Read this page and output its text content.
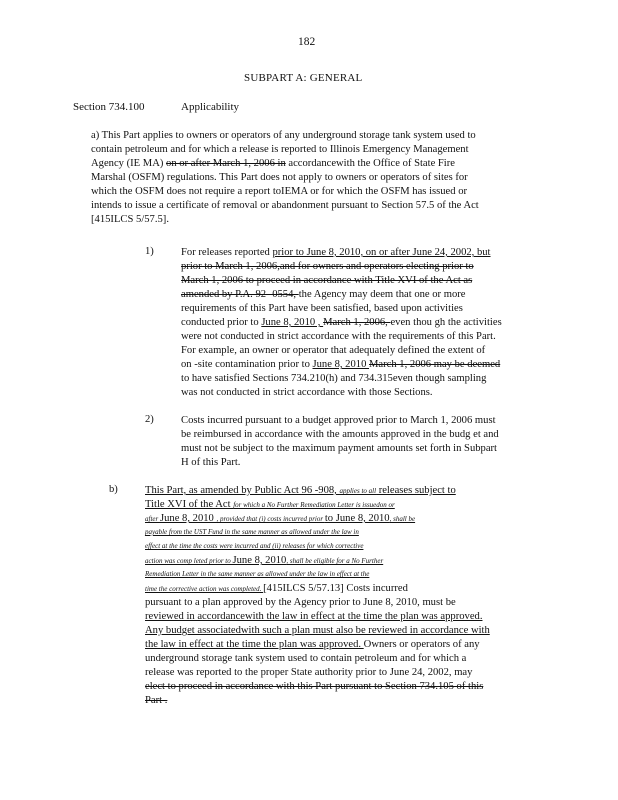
182
SUBPART A: GENERAL
Section 734.100	Applicability
a) This Part applies to owners or operators of any underground storage tank system used to
contain petroleum and for which a release is reported to Illinois Emergency Management
Agency (IE MA) on or after March 1, 2006 in accordancewith the Office of State Fire
Marshal (OSFM) regulations. This Part does not apply to owners or operators of sites for
which the OSFM does not require a report toIEMA or for which the OSFM has issued or
intends to issue a certificate of removal or abandonment pursuant to Section 57.5 of the Act
[415ILCS 5/57.5].
1)	For releases reported prior to June 8, 2010, on or after June 24, 2002, but
prior to March 1, 2006,and for owners and operators electing prior to
March 1, 2006 to proceed in accordance with Title XVI of the Act as
amended by P.A. 92 -0554, the Agency may deem that one or more
requirements of this Part have been satisfied, based upon activities
conducted prior to June 8, 2010 , March 1, 2006, even thou gh the activities
were not conducted in strict accordance with the requirements of this Part.
For example, an owner or operator that adequately defined the extent of
on -site contamination prior to June 8, 2010 March 1, 2006 may be deemed
to have satisfied Sections 734.210(h) and 734.315even though sampling
was not conducted in strict accordance with those Sections.
2)	Costs incurred pursuant to a budget approved prior to March 1, 2006 must
be reimbursed in accordance with the amounts approved in the budg et and
must not be subject to the maximum payment amounts set forth in Subpart
H of this Part.
b)	This Part, as amended by Public Act 96 -908, applies to all releases subject to
Title XVI of the Act for which a No Further Remediation Letter is issuedon or
after June 8, 2010 , provided that (i) costs incurred prior to June 8, 2010, shall be
payable from the UST Fund in the same manner as allowed under the law in
effect at the time the costs were incurred and (ii) releases for which corrective
action was comp leted prior to June 8, 2010, shall be eligible for a No Further
Remediation Letter in the same manner as allowed under the law in effect at the
time the corrective action was completed. [415ILCS 5/57.13] Costs incurred
pursuant to a plan approved by the Agency prior to June 8, 2010, must be
reviewed in accordancewith the law in effect at the time the plan was approved.
Any budget associatedwith such a plan must also be reviewed in accordance with
the law in effect at the time the plan was approved. Owners or operators of any
underground storage tank system used to contain petroleum and for which a
release was reported to the proper State authority prior to June 24, 2002, may
elect to proceed in accordance with this Part pursuant to Section 734.105 of this
Part .
